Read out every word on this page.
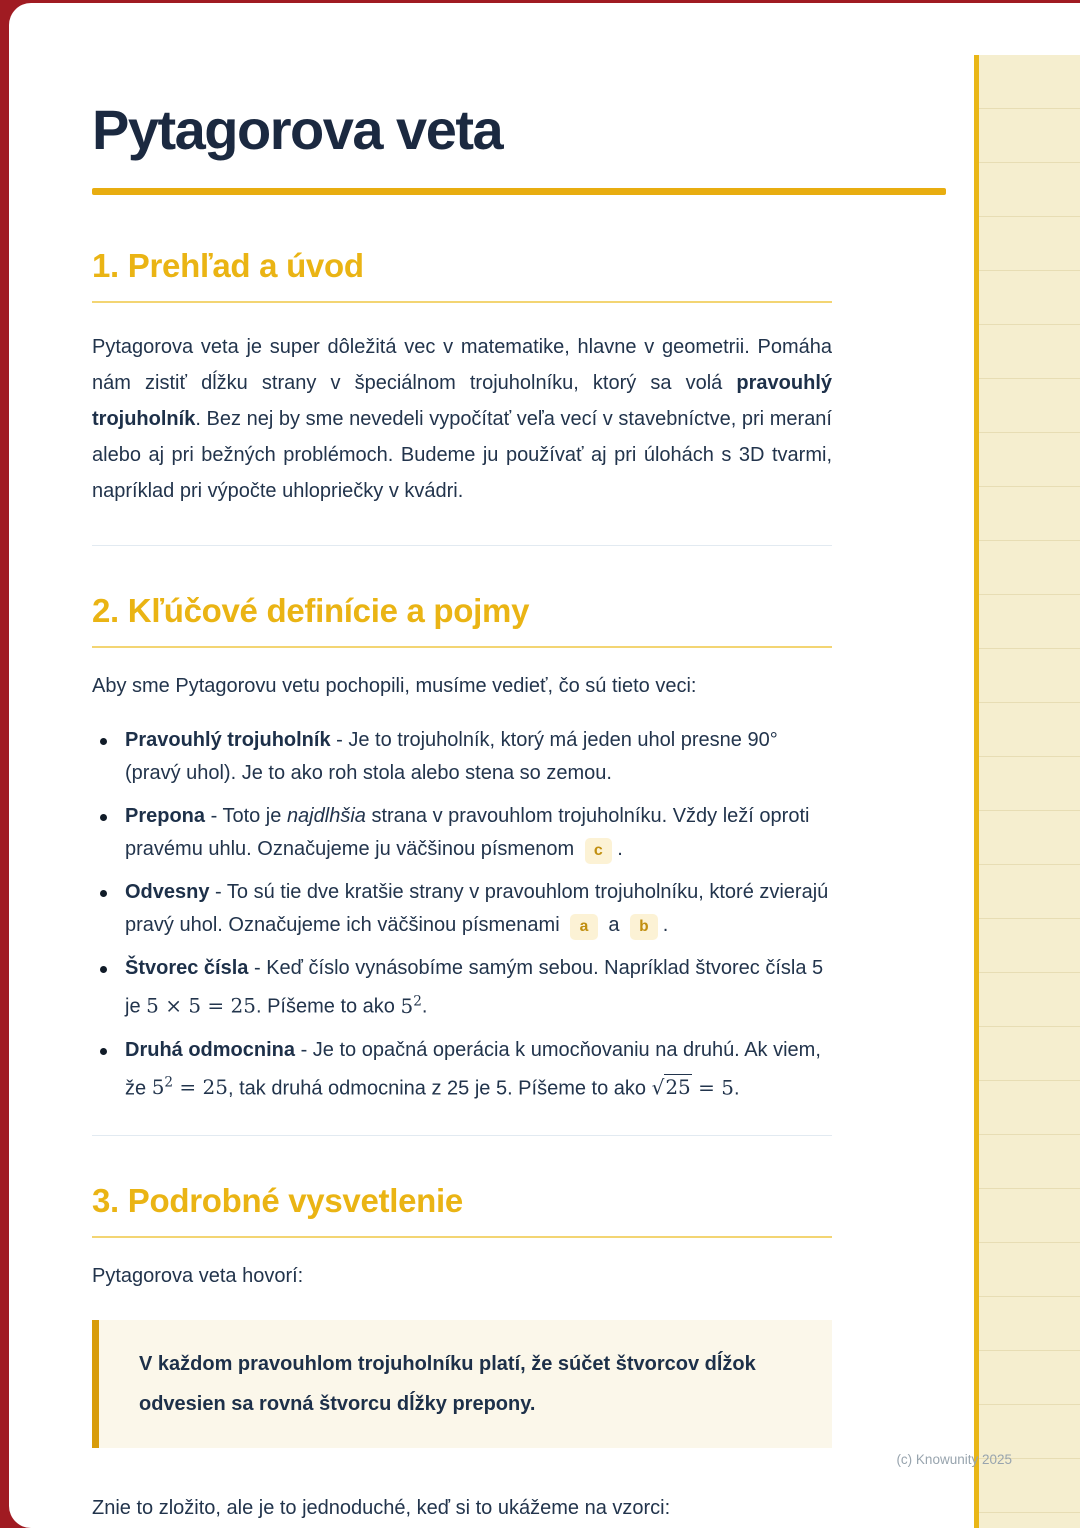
Pytagorova veta
1. Prehľad a úvod

Pytagorova veta je super dôležitá vec v matematike, hlavne v geometrii. Pomáha nám zistiť dĺžku strany v špeciálnom trojuholníku, ktorý sa volá pravouhlý trojuholník. Bez nej by sme nevedeli vypočítať veľa vecí v stavebníctve, pri meraní alebo aj pri bežných problémoch. Budeme ju používať aj pri úlohách s 3D tvarmi, napríklad pri výpočte uhlopriečky v kvádri.

2. Kľúčové definície a pojmy

Aby sme Pytagorovu vetu pochopili, musíme vedieť, čo sú tieto veci:

Pravouhlý trojuholník - Je to trojuholník, ktorý má jeden uhol presne 90° (pravý uhol). Je to ako roh stola alebo stena so zemou.
Prepona - Toto je najdlhšia strana v pravouhlom trojuholníku. Vždy leží oproti pravému uhlu. Označujeme ju väčšinou písmenom c .
Odvesny - To sú tie dve kratšie strany v pravouhlom trojuholníku, ktoré zvierajú pravý uhol. Označujeme ich väčšinou písmenami a a b .
Štvorec čísla - Keď číslo vynásobíme samým sebou. Napríklad štvorec čísla 5 je 5 × 5 = 25. Píšeme to ako $5^2$.
Druhá odmocnina - Je to opačná operácia k umocňovaniu na druhú. Ak viem, že $5^2 = 25$, tak druhá odmocnina z 25 je 5. Píšeme to ako √25 = 5.
3. Podrobné vysvetlenie

Pytagorova veta hovorí:

V každom pravouhlom trojuholníku platí, že súčet štvorcov dĺžok odvesien sa rovná štvorcu dĺžky prepony.

Znie to zložito, ale je to jednoduché, keď si to ukážeme na vzorci:

(c) Knowunity 2025
